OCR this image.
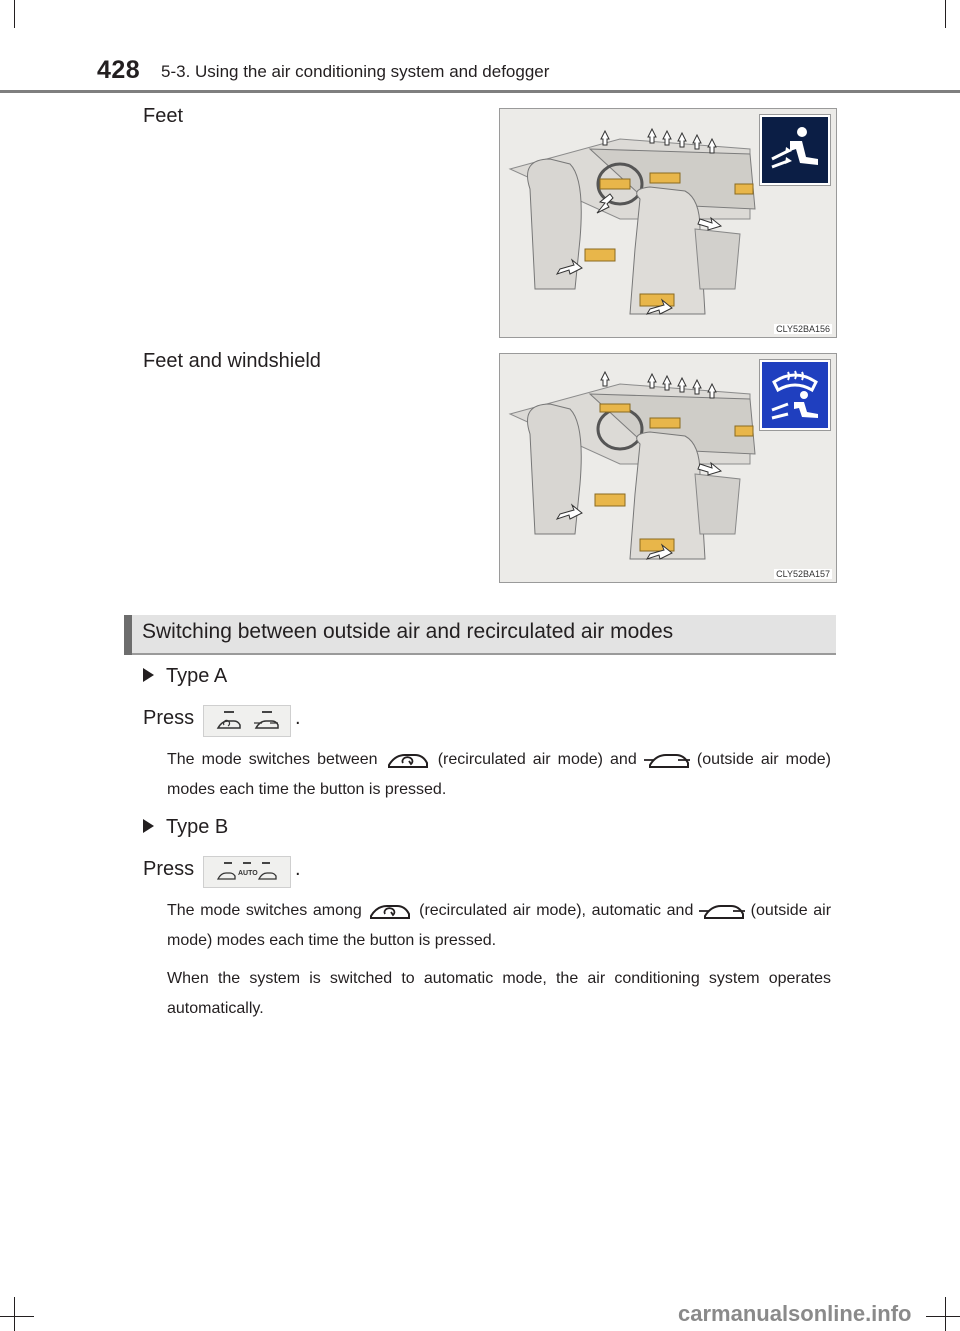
428 5-3. Using the air conditioning system and defogger
Feet
CLY52BA156
Feet and windshield
CLY52BA157
Switching between outside air and recirculated air modes
Type A
Press	.
The mode switches between	(recirculated air mode) and	(outside air mode) modes each time the button is pressed.
Type B
Press	AUTO .
The mode switches among	(recirculated air mode), automatic and	(outside air mode) modes each time the button is pressed.
When the system is switched to automatic mode, the air conditioning system operates automatically.
carmanualsonline.info
